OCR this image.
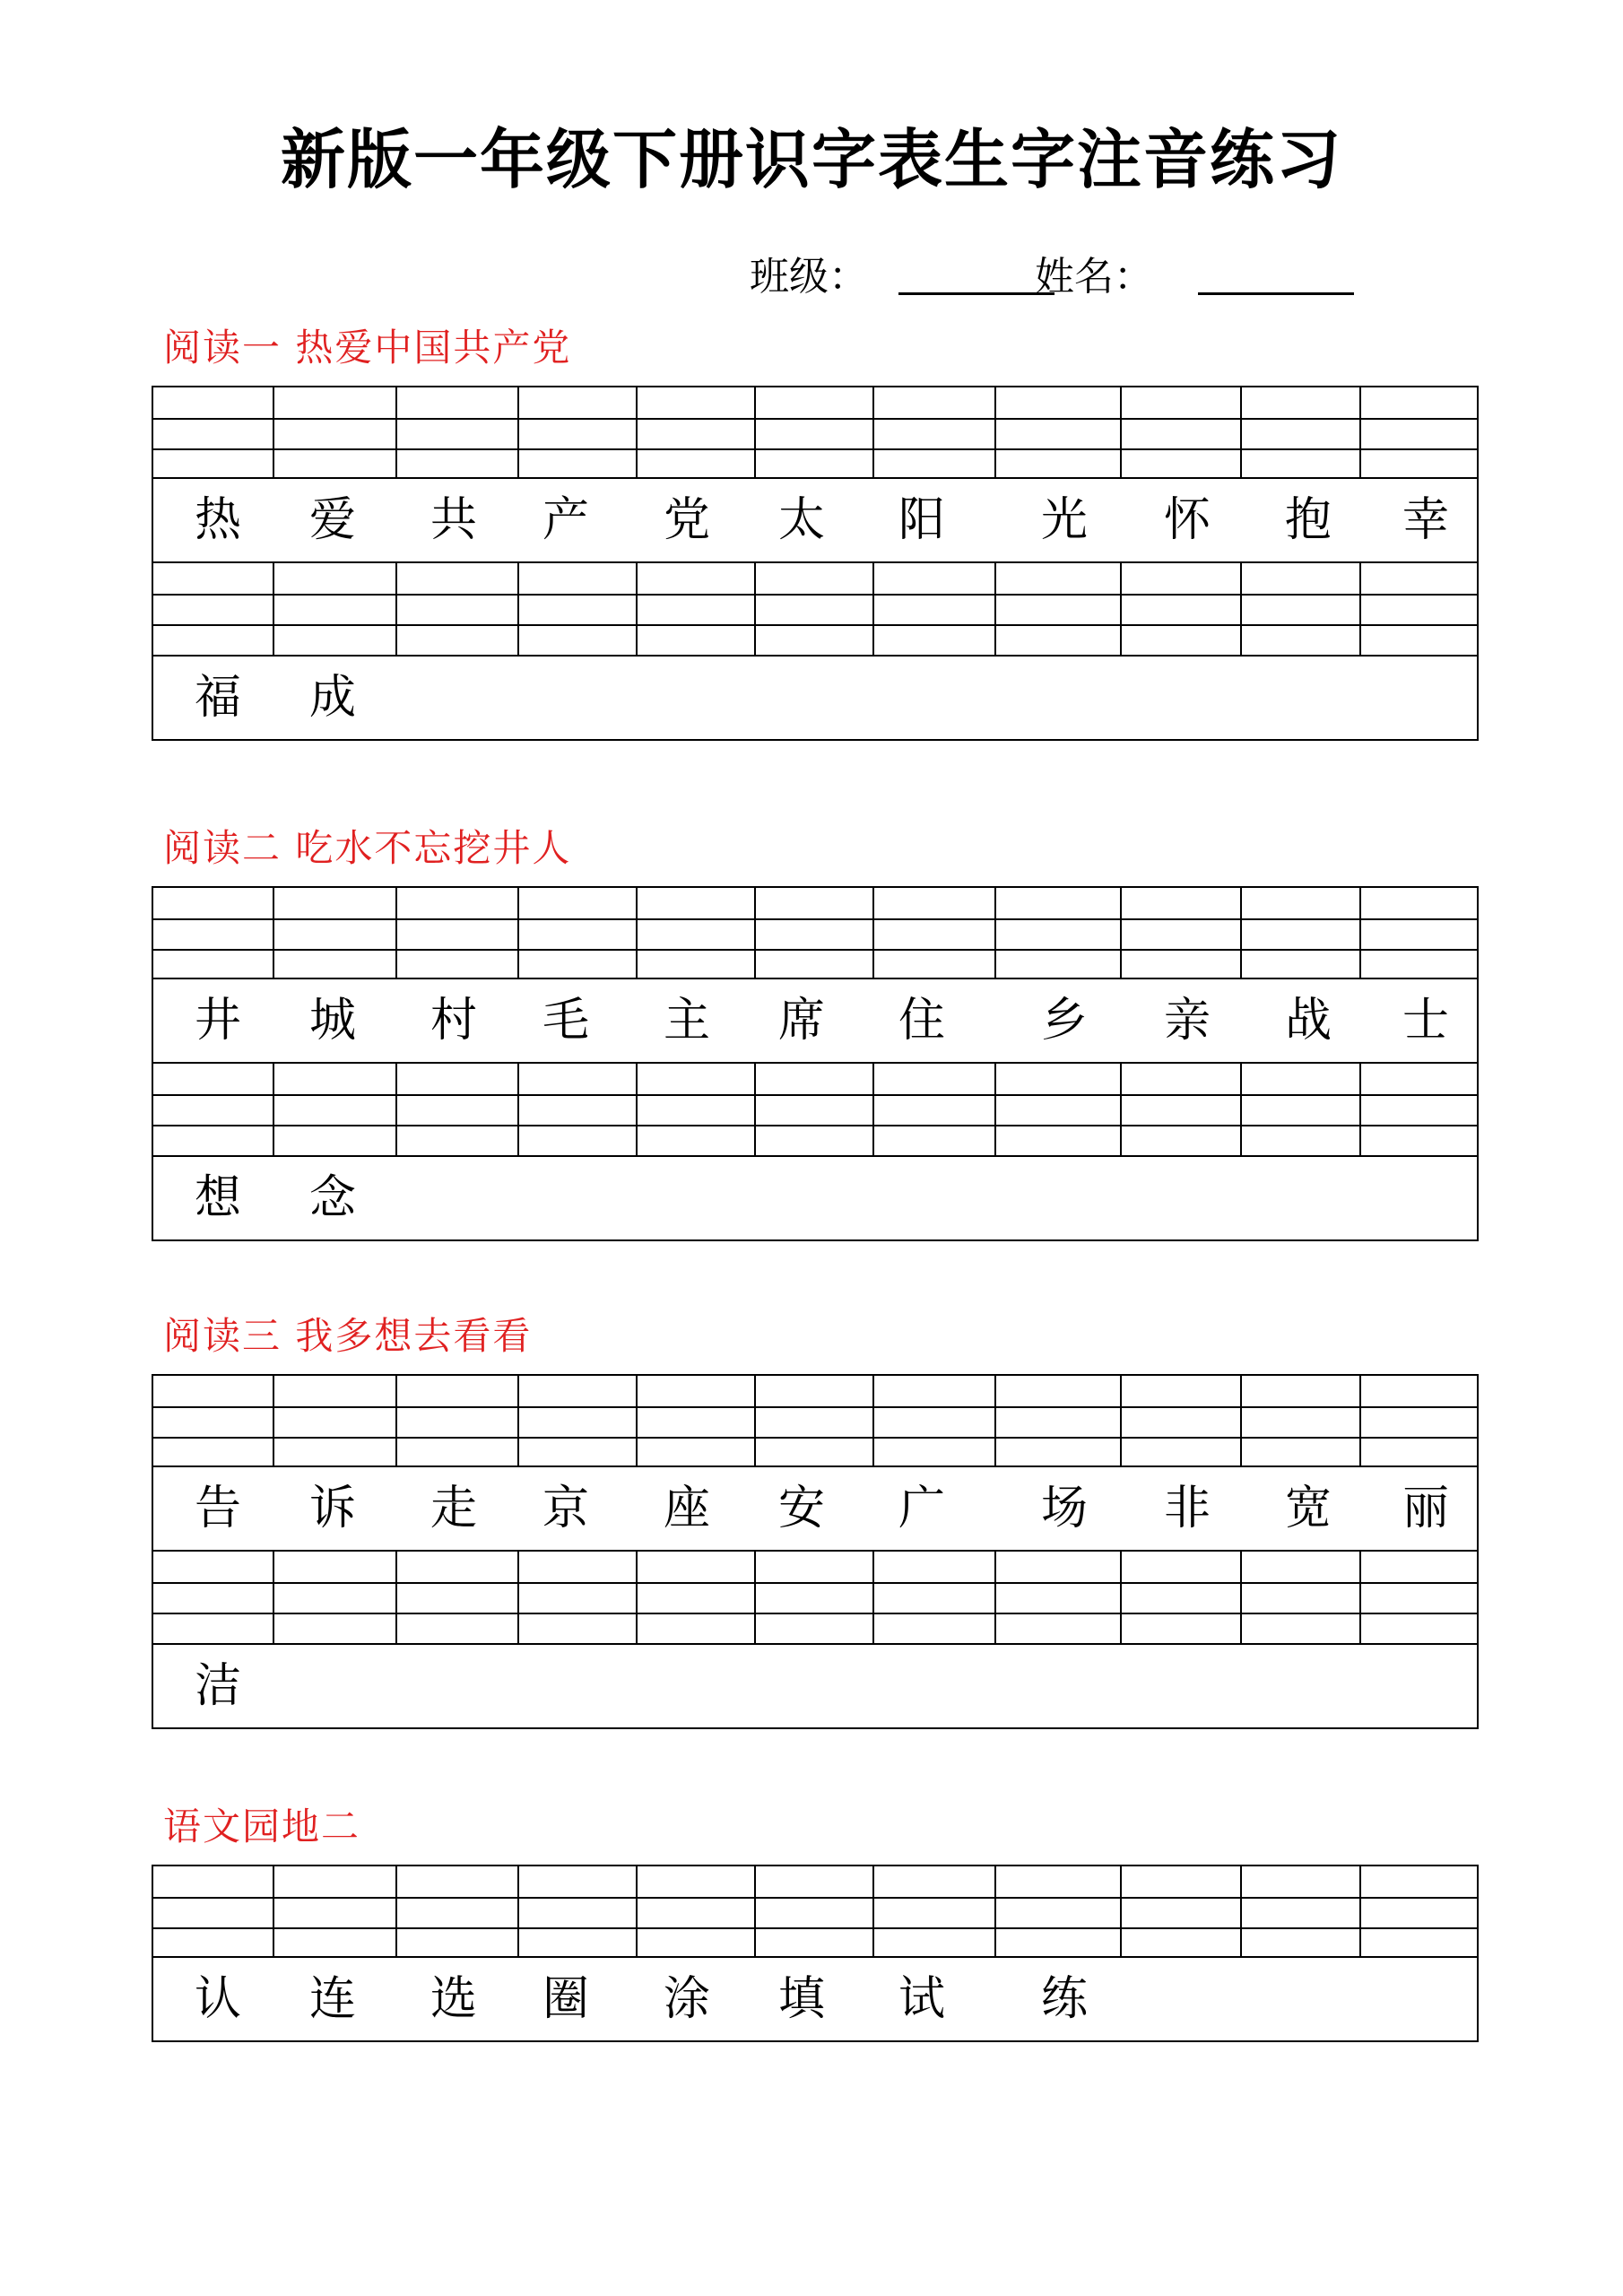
新版一年级下册识字表生字注音练习
班级：	姓名：
阅读一 热爱中国共产党
热 爱 共 产 党 太 阳 光 怀 抱 幸
福 成
阅读二 吃水不忘挖井人
井 城 村 毛 主 席 住 乡 亲 战 士
想 念
阅读三 我多想去看看
告 诉 走 京 座 安 广 场 非 宽 丽
洁
语文园地二
认 连 选 圈 涂 填 试 练
